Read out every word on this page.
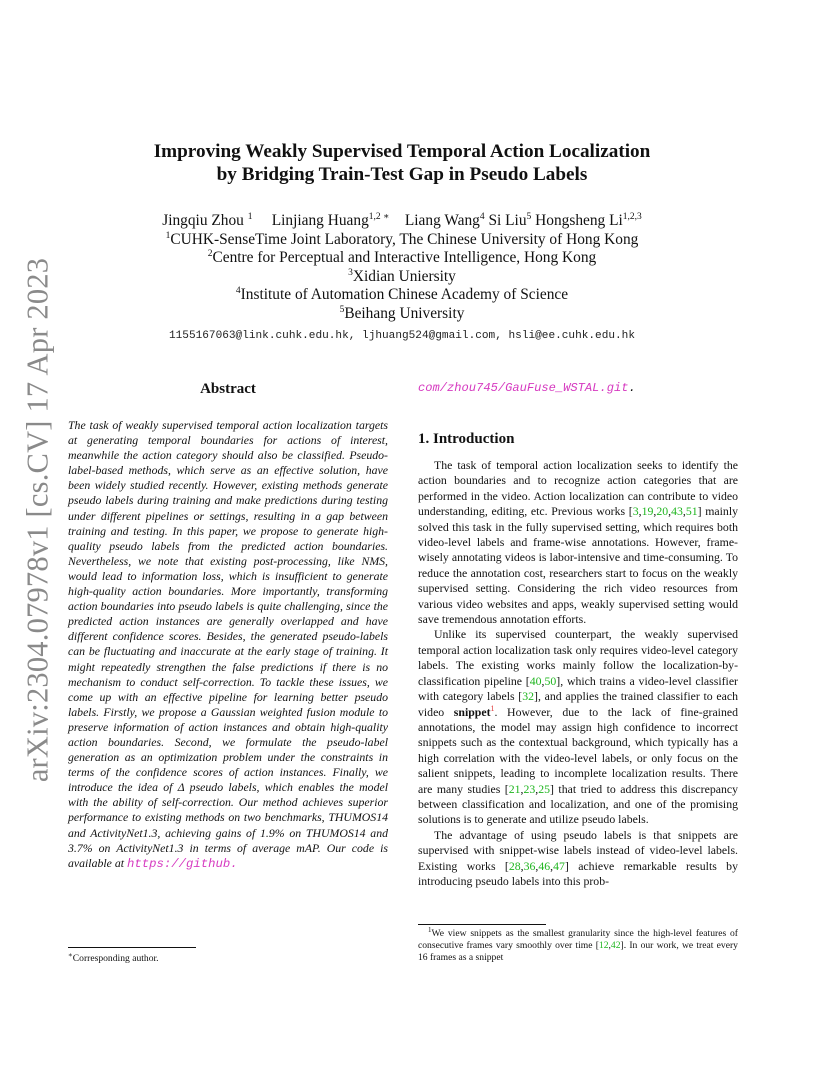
arXiv:2304.07978v1 [cs.CV] 17 Apr 2023
Improving Weakly Supervised Temporal Action Localization
by Bridging Train-Test Gap in Pseudo Labels
Jingqiu Zhou $^1$ Linjiang Huang$^{1,2 ∗}$ Liang Wang$^4$ Si Liu$^5$ Hongsheng Li$^{1,2,3}$
$^1$CUHK-SenseTime Joint Laboratory, The Chinese University of Hong Kong
$^2$Centre for Perceptual and Interactive Intelligence, Hong Kong
$^3$Xidian Uniersity
$^4$Institute of Automation Chinese Academy of Science
$^5$Beihang University
1155167063@link.cuhk.edu.hk, ljhuang524@gmail.com, hsli@ee.cuhk.edu.hk
Abstract
The task of weakly supervised temporal action localization targets at generating temporal boundaries for actions of interest, meanwhile the action category should also be classified. Pseudo-label-based methods, which serve as an effective solution, have been widely studied recently. However, existing methods generate pseudo labels during training and make predictions during testing under different pipelines or settings, resulting in a gap between training and testing. In this paper, we propose to generate high-quality pseudo labels from the predicted action boundaries. Nevertheless, we note that existing post-processing, like NMS, would lead to information loss, which is insufficient to generate high-quality action boundaries. More importantly, transforming action boundaries into pseudo labels is quite challenging, since the predicted action instances are generally overlapped and have different confidence scores. Besides, the generated pseudo-labels can be fluctuating and inaccurate at the early stage of training. It might repeatedly strengthen the false predictions if there is no mechanism to conduct self-correction. To tackle these issues, we come up with an effective pipeline for learning better pseudo labels. Firstly, we propose a Gaussian weighted fusion module to preserve information of action instances and obtain high-quality action boundaries. Second, we formulate the pseudo-label generation as an optimization problem under the constraints in terms of the confidence scores of action instances. Finally, we introduce the idea of Δ pseudo labels, which enables the model with the ability of self-correction. Our method achieves superior performance to existing methods on two benchmarks, THUMOS14 and ActivityNet1.3, achieving gains of 1.9% on THUMOS14 and 3.7% on ActivityNet1.3 in terms of average mAP. Our code is available at https://github.
com/zhou745/GauFuse_WSTAL.git.
1. Introduction

The task of temporal action localization seeks to identify the action boundaries and to recognize action categories that are performed in the video. Action localization can contribute to video understanding, editing, etc. Previous works [3,19,20,43,51] mainly solved this task in the fully supervised setting, which requires both video-level labels and frame-wise annotations. However, frame-wisely annotating videos is labor-intensive and time-consuming. To reduce the annotation cost, researchers start to focus on the weakly supervised setting. Considering the rich video resources from various video websites and apps, weakly supervised setting would save tremendous annotation efforts.

Unlike its supervised counterpart, the weakly supervised temporal action localization task only requires video-level category labels. The existing works mainly follow the localization-by-classification pipeline [40,50], which trains a video-level classifier with category labels [32], and applies the trained classifier to each video snippet$^1$. However, due to the lack of fine-grained annotations, the model may assign high confidence to incorrect snippets such as the contextual background, which typically has a high correlation with the video-level labels, or only focus on the salient snippets, leading to incomplete localization results. There are many studies [21,23,25] that tried to address this discrepancy between classification and localization, and one of the promising solutions is to generate and utilize pseudo labels.

The advantage of using pseudo labels is that snippets are supervised with snippet-wise labels instead of video-level labels. Existing works [28,36,46,47] achieve remarkable results by introducing pseudo labels into this prob-

∗Corresponding author.
$^1$We view snippets as the smallest granularity since the high-level features of consecutive frames vary smoothly over time [12,42]. In our work, we treat every 16 frames as a snippet
